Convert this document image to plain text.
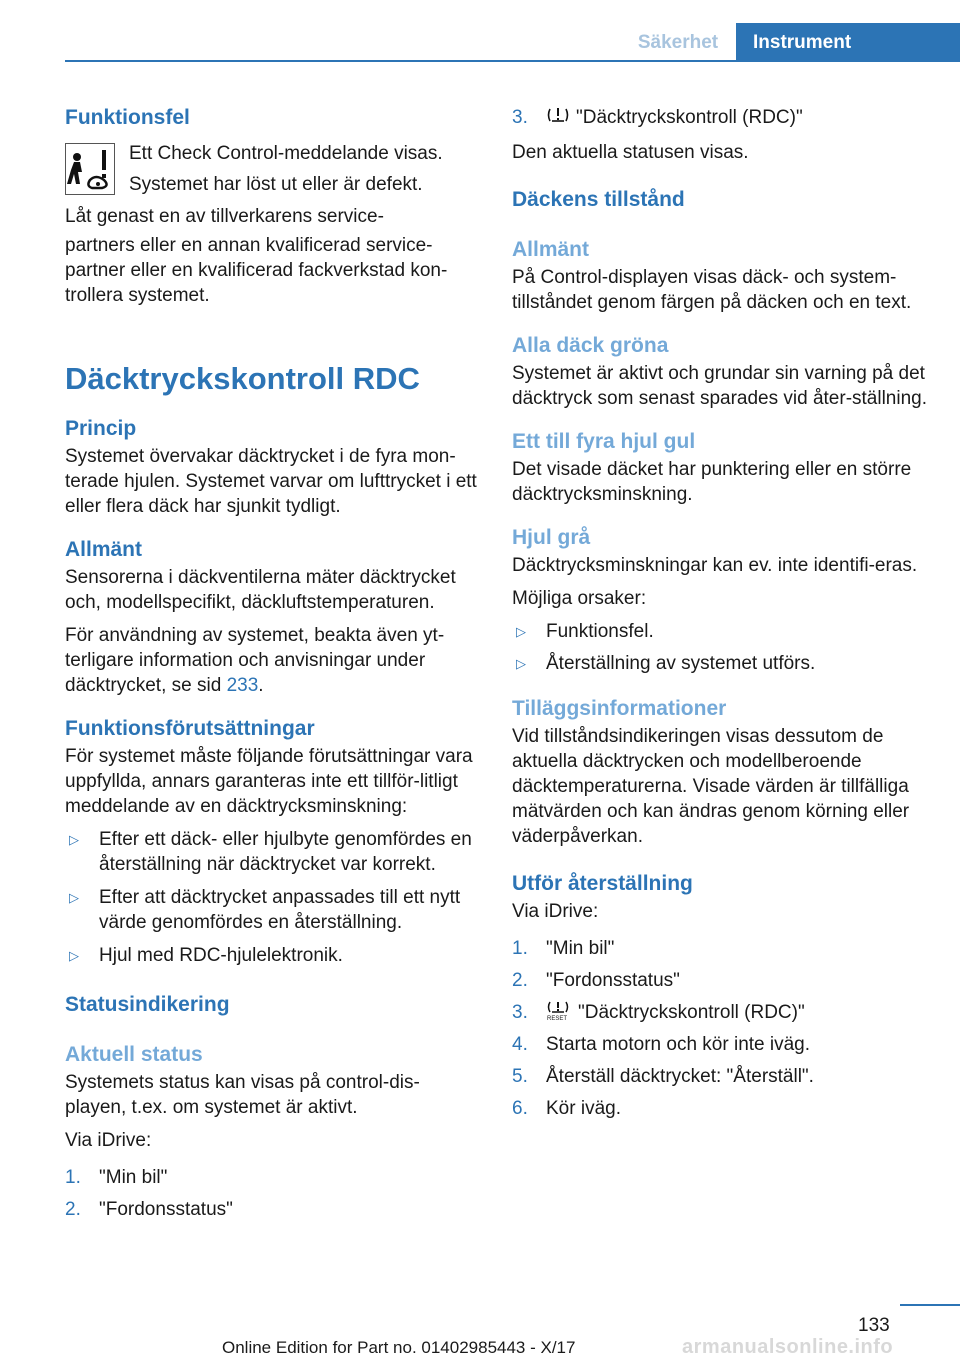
Säkerhet	Instrument
Funktionsfel

Ett Check Control-meddelande visas.

Systemet har löst ut eller är defekt.

Låt genast en av tillverkarens service-

partners eller en annan kvalificerad service-partner eller en kvalificerad fackverkstad kon-trollera systemet.

Däcktryckskontroll RDC
Princip

Systemet övervakar däcktrycket i de fyra mon-terade hjulen. Systemet varvar om lufttrycket i ett eller flera däck har sjunkit tydligt.

Allmänt

Sensorerna i däckventilerna mäter däcktrycket och, modellspecifikt, däckluftstemperaturen.

För användning av systemet, beakta även yt-terligare information och anvisningar under däcktrycket, se sid 233.

Funktionsförutsättningar

För systemet måste följande förutsättningar vara uppfyllda, annars garanteras inte ett tillför-litligt meddelande av en däcktrycksminskning:

▷	Efter ett däck- eller hjulbyte genomfördes en återställning när däcktrycket var korrekt.
▷	Efter att däcktrycket anpassades till ett nytt värde genomfördes en återställning.
▷	Hjul med RDC-hjulelektronik.
Statusindikering
Aktuell status

Systemets status kan visas på control-dis-playen, t.ex. om systemet är aktivt.

Via iDrive:

1. "Min bil"
2. "Fordonsstatus"
3.	"Däcktryckskontroll (RDC)"

Den aktuella statusen visas.

Däckens tillstånd
Allmänt

På Control-displayen visas däck- och system-tillståndet genom färgen på däcken och en text.

Alla däck gröna

Systemet är aktivt och grundar sin varning på det däcktryck som senast sparades vid åter-ställning.

Ett till fyra hjul gul

Det visade däcket har punktering eller en större däcktrycksminskning.

Hjul grå

Däcktrycksminskningar kan ev. inte identifi-eras.

Möjliga orsaker:

▷	Funktionsfel.
▷	Återställning av systemet utförs.
Tilläggsinformationer

Vid tillståndsindikeringen visas dessutom de aktuella däcktrycken och modellberoende däcktemperaturerna. Visade värden är tillfälliga mätvärden och kan ändras genom körning eller väderpåverkan.

Utför återställning

Via iDrive:

1. "Min bil"
2. "Fordonsstatus"
3.	RESET "Däcktryckskontroll (RDC)"
4. Starta motorn och kör inte iväg.
5. Återställ däcktrycket: "Återställ".
6. Kör iväg.
133
armanualsonline.info
Online Edition for Part no. 01402985443 - X/17
